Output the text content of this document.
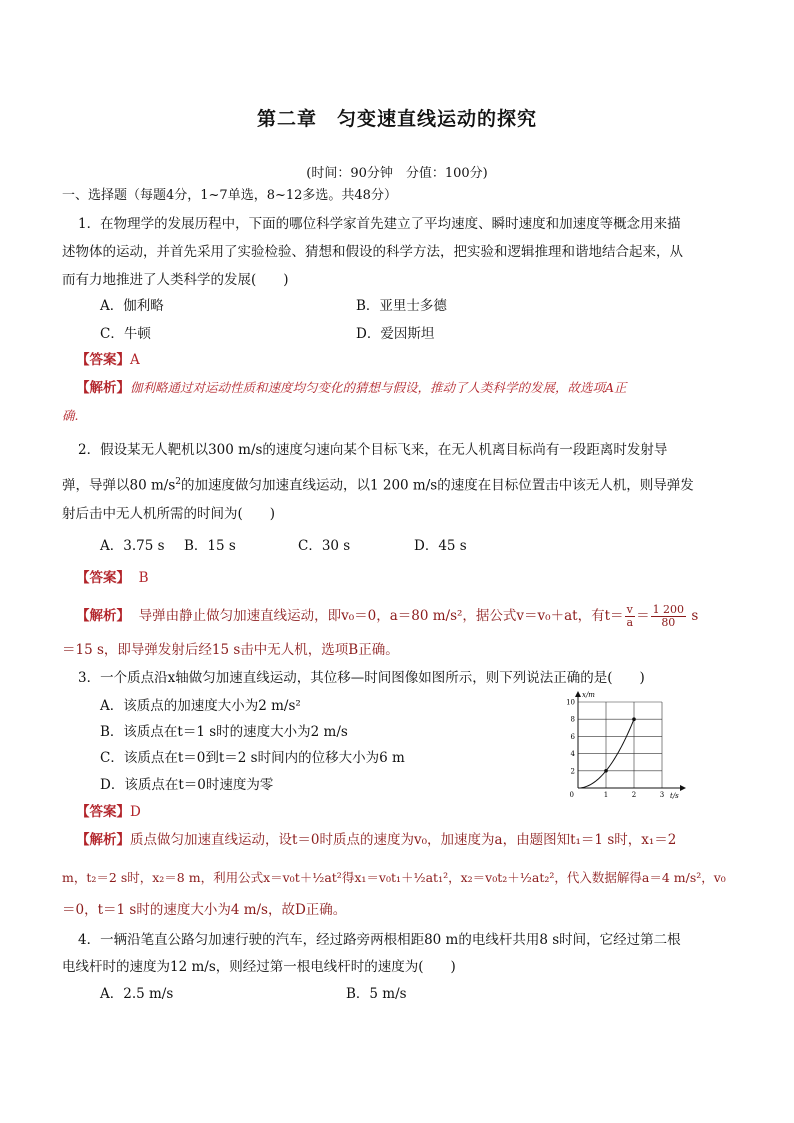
第二章　匀变速直线运动的探究
(时间：90分钟　分值：100分)
一、选择题（每题4分，1~7单选，8~12多选。共48分）
1．在物理学的发展历程中，下面的哪位科学家首先建立了平均速度、瞬时速度和加速度等概念用来描
述物体的运动，并首先采用了实验检验、猜想和假设的科学方法，把实验和逻辑推理和谐地结合起来，从
而有力地推进了人类科学的发展(　　)
A．伽利略	B．亚里士多德
C．牛顿	D．爱因斯坦
【答案】A
【解析】伽利略通过对运动性质和速度均匀变化的猜想与假设，推动了人类科学的发展，故选项A正
确.
2．假设某无人靶机以300 m/s的速度匀速向某个目标飞来，在无人机离目标尚有一段距离时发射导
弹，导弹以80 $m/s^2$的加速度做匀加速直线运动，以1 200 m/s的速度在目标位置击中该无人机，则导弹发
射后击中无人机所需的时间为(　　)
A．3.75 s B．15 s	C．30 s	D．45 s
【答案】 B
【解析】 导弹由静止做匀加速直线运动，即v₀＝0，a＝80 m/s²，据公式v＝v₀＋at，有$t= \frac{v}{a} = \frac{1 200}{80}$ s
＝15 s，即导弹发射后经15 s击中无人机，选项B正确。
3．一个质点沿x轴做匀加速直线运动，其位移—时间图像如图所示，则下列说法正确的是(　　)
A．该质点的加速度大小为2 m/s²
B．该质点在t＝1 s时的速度大小为2 m/s
C．该质点在t＝0到t＝2 s时间内的位移大小为6 m
D．该质点在t＝0时速度为零
【答案】D
【解析】质点做匀加速直线运动，设t＝0时质点的速度为v₀，加速度为a，由题图知t₁＝1 s时，x₁＝2
m，t₂＝2 s时，x₂＝8 m，利用公式x＝v₀t＋½at²得x₁＝v₀t₁＋½at₁²，x₂＝v₀t₂＋½at₂²，代入数据解得a＝4 m/s²，v₀
＝0，t＝1 s时的速度大小为4 m/s，故D正确。
x/m
t/s
10
8
6
4
2
0	1	2	3
4．一辆沿笔直公路匀加速行驶的汽车，经过路旁两根相距80 m的电线杆共用8 s时间，它经过第二根
电线杆时的速度为12 m/s，则经过第一根电线杆时的速度为(　　)
A．2.5 m/s	B．5 m/s
